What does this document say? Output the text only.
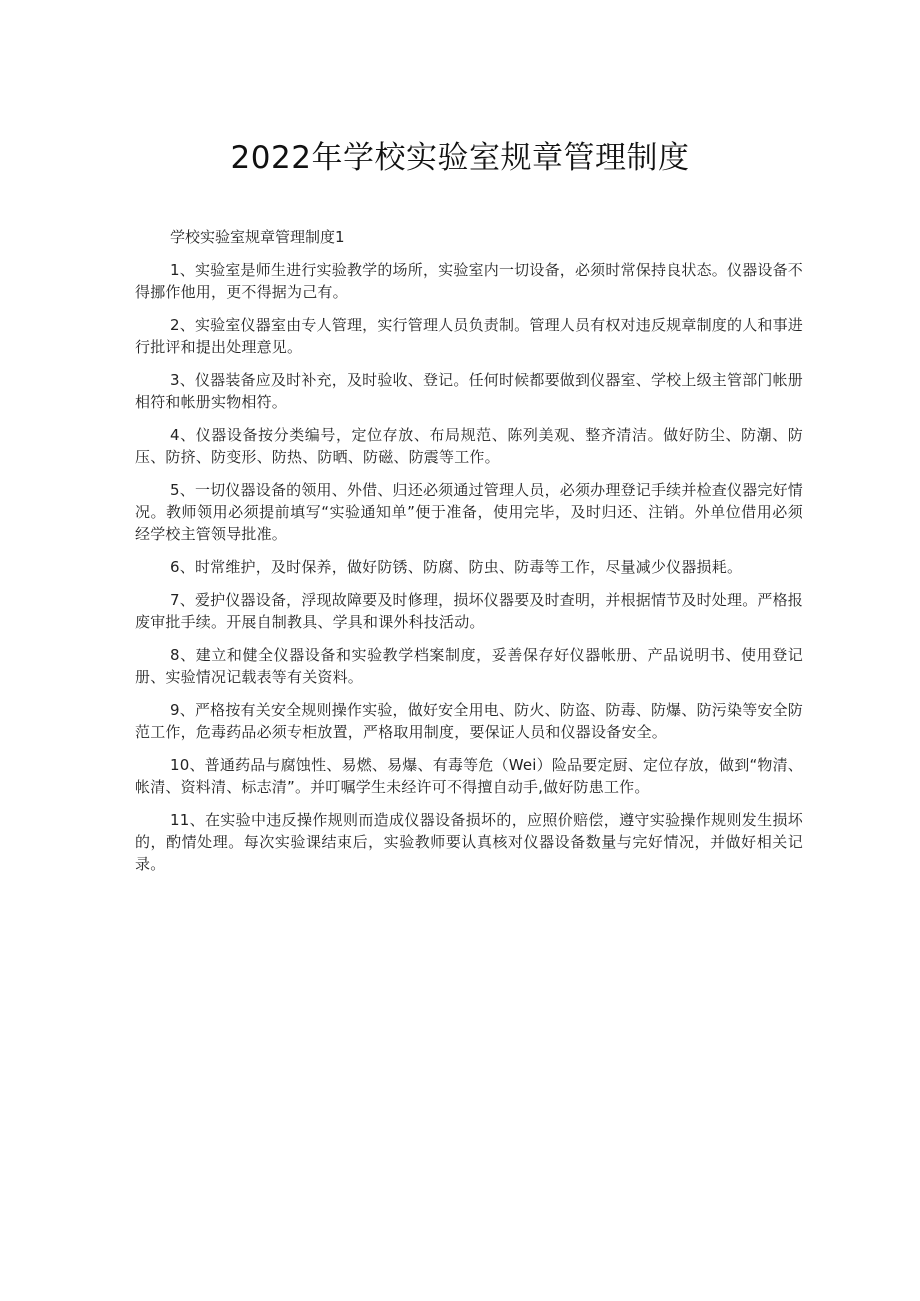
2022年学校实验室规章管理制度

学校实验室规章管理制度1

1、实验室是师生进行实验教学的场所，实验室内一切设备，必须时常保持良状态。仪器设备不得挪作他用，更不得据为己有。

2、实验室仪器室由专人管理，实行管理人员负责制。管理人员有权对违反规章制度的人和事进行批评和提出处理意见。

3、仪器装备应及时补充，及时验收、登记。任何时候都要做到仪器室、学校上级主管部门帐册相符和帐册实物相符。

4、仪器设备按分类编号，定位存放、布局规范、陈列美观、整齐清洁。做好防尘、防潮、防压、防挤、防变形、防热、防晒、防磁、防震等工作。

5、一切仪器设备的领用、外借、归还必须通过管理人员，必须办理登记手续并检查仪器完好情况。教师领用必须提前填写“实验通知单”便于准备，使用完毕，及时归还、注销。外单位借用必须经学校主管领导批准。

6、时常维护，及时保养，做好防锈、防腐、防虫、防毒等工作，尽量减少仪器损耗。

7、爱护仪器设备，浮现故障要及时修理，损坏仪器要及时查明，并根据情节及时处理。严格报废审批手续。开展自制教具、学具和课外科技活动。

8、建立和健全仪器设备和实验教学档案制度，妥善保存好仪器帐册、产品说明书、使用登记册、实验情况记载表等有关资料。

9、严格按有关安全规则操作实验，做好安全用电、防火、防盗、防毒、防爆、防污染等安全防范工作，危毒药品必须专柜放置，严格取用制度，要保证人员和仪器设备安全。

10、普通药品与腐蚀性、易燃、易爆、有毒等危（Wei）险品要定厨、定位存放，做到“物清、帐清、资料清、标志清”。并叮嘱学生未经许可不得擅自动手,做好防患工作。

11、在实验中违反操作规则而造成仪器设备损坏的，应照价赔偿，遵守实验操作规则发生损坏的，酌情处理。每次实验课结束后，实验教师要认真核对仪器设备数量与完好情况，并做好相关记录。
